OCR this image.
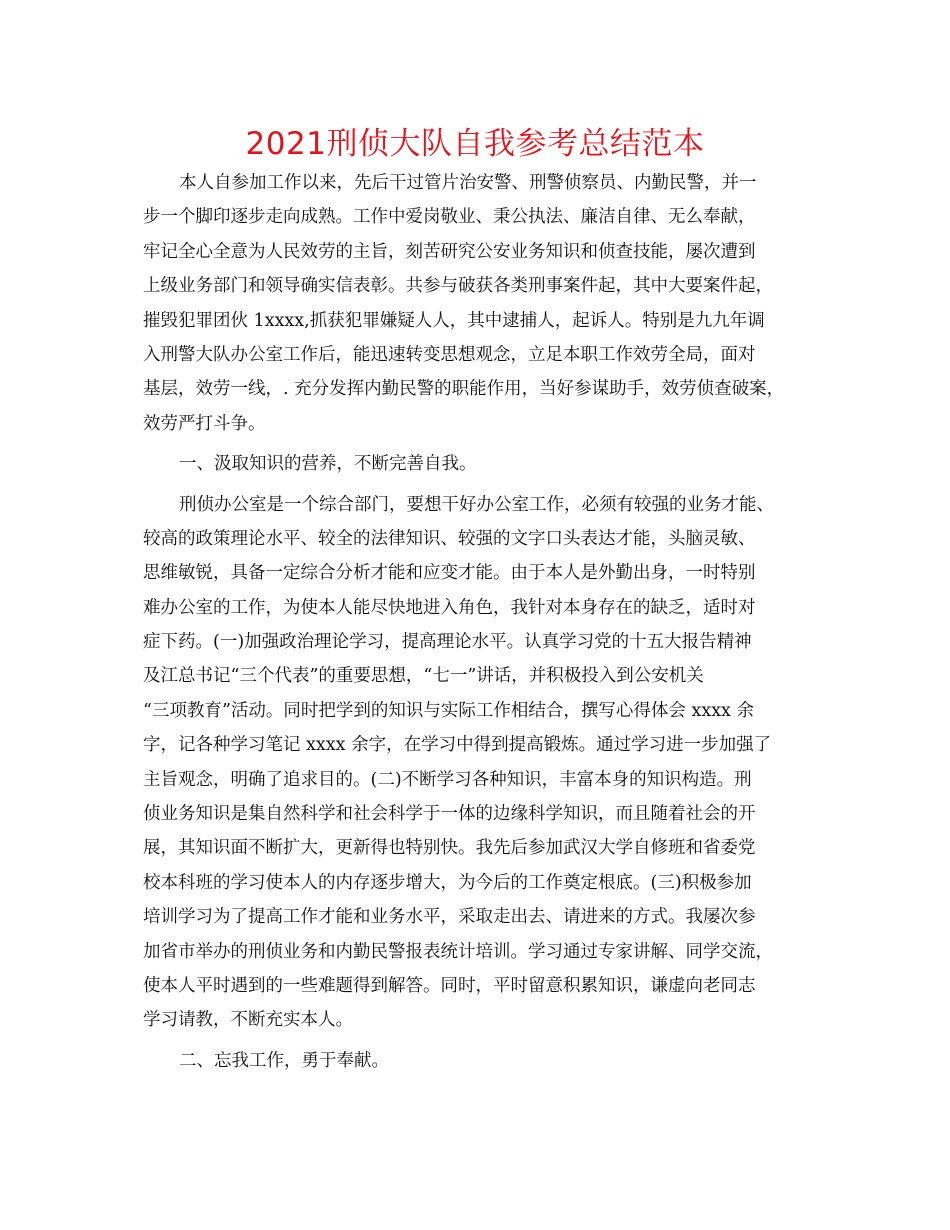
2021刑侦大队自我参考总结范本
本人自参加工作以来，先后干过管片治安警、刑警侦察员、内勤民警，并一
步一个脚印逐步走向成熟。工作中爱岗敬业、秉公执法、廉洁自律、无么奉献，
牢记全心全意为人民效劳的主旨，刻苦研究公安业务知识和侦查技能，屡次遭到
上级业务部门和领导确实信表彰。共参与破获各类刑事案件起，其中大要案件起，
摧毁犯罪团伙 1xxxx,抓获犯罪嫌疑人人，其中逮捕人，起诉人。特别是九九年调
入刑警大队办公室工作后，能迅速转变思想观念，立足本职工作效劳全局，面对
基层，效劳一线，. 充分发挥内勤民警的职能作用，当好参谋助手，效劳侦查破案，
效劳严打斗争。
一、汲取知识的营养，不断完善自我。
刑侦办公室是一个综合部门，要想干好办公室工作，必须有较强的业务才能、
较高的政策理论水平、较全的法律知识、较强的文字口头表达才能，头脑灵敏、
思维敏锐，具备一定综合分析才能和应变才能。由于本人是外勤出身，一时特别
难办公室的工作，为使本人能尽快地进入角色，我针对本身存在的缺乏，适时对
症下药。(一)加强政治理论学习，提高理论水平。认真学习党的十五大报告精神
及江总书记“三个代表”的重要思想，“七一”讲话，并积极投入到公安机关
“三项教育”活动。同时把学到的知识与实际工作相结合，撰写心得体会 xxxx 余
字，记各种学习笔记 xxxx 余字，在学习中得到提高锻炼。通过学习进一步加强了
主旨观念，明确了追求目的。(二)不断学习各种知识，丰富本身的知识构造。刑
侦业务知识是集自然科学和社会科学于一体的边缘科学知识，而且随着社会的开
展，其知识面不断扩大，更新得也特别快。我先后参加武汉大学自修班和省委党
校本科班的学习使本人的内存逐步增大，为今后的工作奠定根底。(三)积极参加
培训学习为了提高工作才能和业务水平，采取走出去、请进来的方式。我屡次参
加省市举办的刑侦业务和内勤民警报表统计培训。学习通过专家讲解、同学交流，
使本人平时遇到的一些难题得到解答。同时，平时留意积累知识，谦虚向老同志
学习请教，不断充实本人。
二、忘我工作，勇于奉献。
